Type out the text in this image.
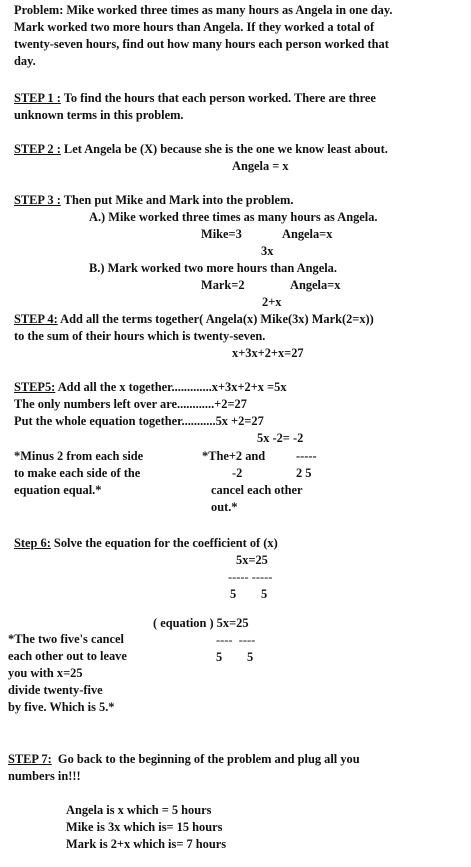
Problem: Mike worked three times as many hours as Angela in one day.
Mark worked two more hours than Angela. If they worked a total of
twenty-seven hours, find out how many hours each person worked that
day.
STEP 1 : To find the hours that each person worked. There are three
unknown terms in this problem.
STEP 2 : Let Angela be (X) because she is the one we know least about.
Angela = x
STEP 3 : Then put Mike and Mark into the problem.
A.) Mike worked three times as many hours as Angela.
Mike=3	Angela=x
3x
B.) Mark worked two more hours than Angela.
Mark=2	Angela=x
2+x
STEP 4: Add all the terms together( Angela(x) Mike(3x) Mark(2=x))
to the sum of their hours which is twenty-seven.
x+3x+2+x=27
STEP5: Add all the x together.............x+3x+2+x =5x
The only numbers left over are............+2=27
Put the whole equation together...........5x +2=27
5x -2= -2
*Minus 2 from each side
to make each side of the
equation equal.*
*The+2 and -----
-2	2 5
cancel each other
out.*
Step 6: Solve the equation for the coefficient of (x)
5x=25
----- -----
5        5
( equation ) 5x=25
----  ----
5        5
*The two five's cancel
each other out to leave
you with x=25
divide twenty-five
by five. Which is 5.*
STEP 7:  Go back to the beginning of the problem and plug all you
numbers in!!!
Angela is x which = 5 hours
Mike is 3x which is= 15 hours
Mark is 2+x which is= 7 hours
